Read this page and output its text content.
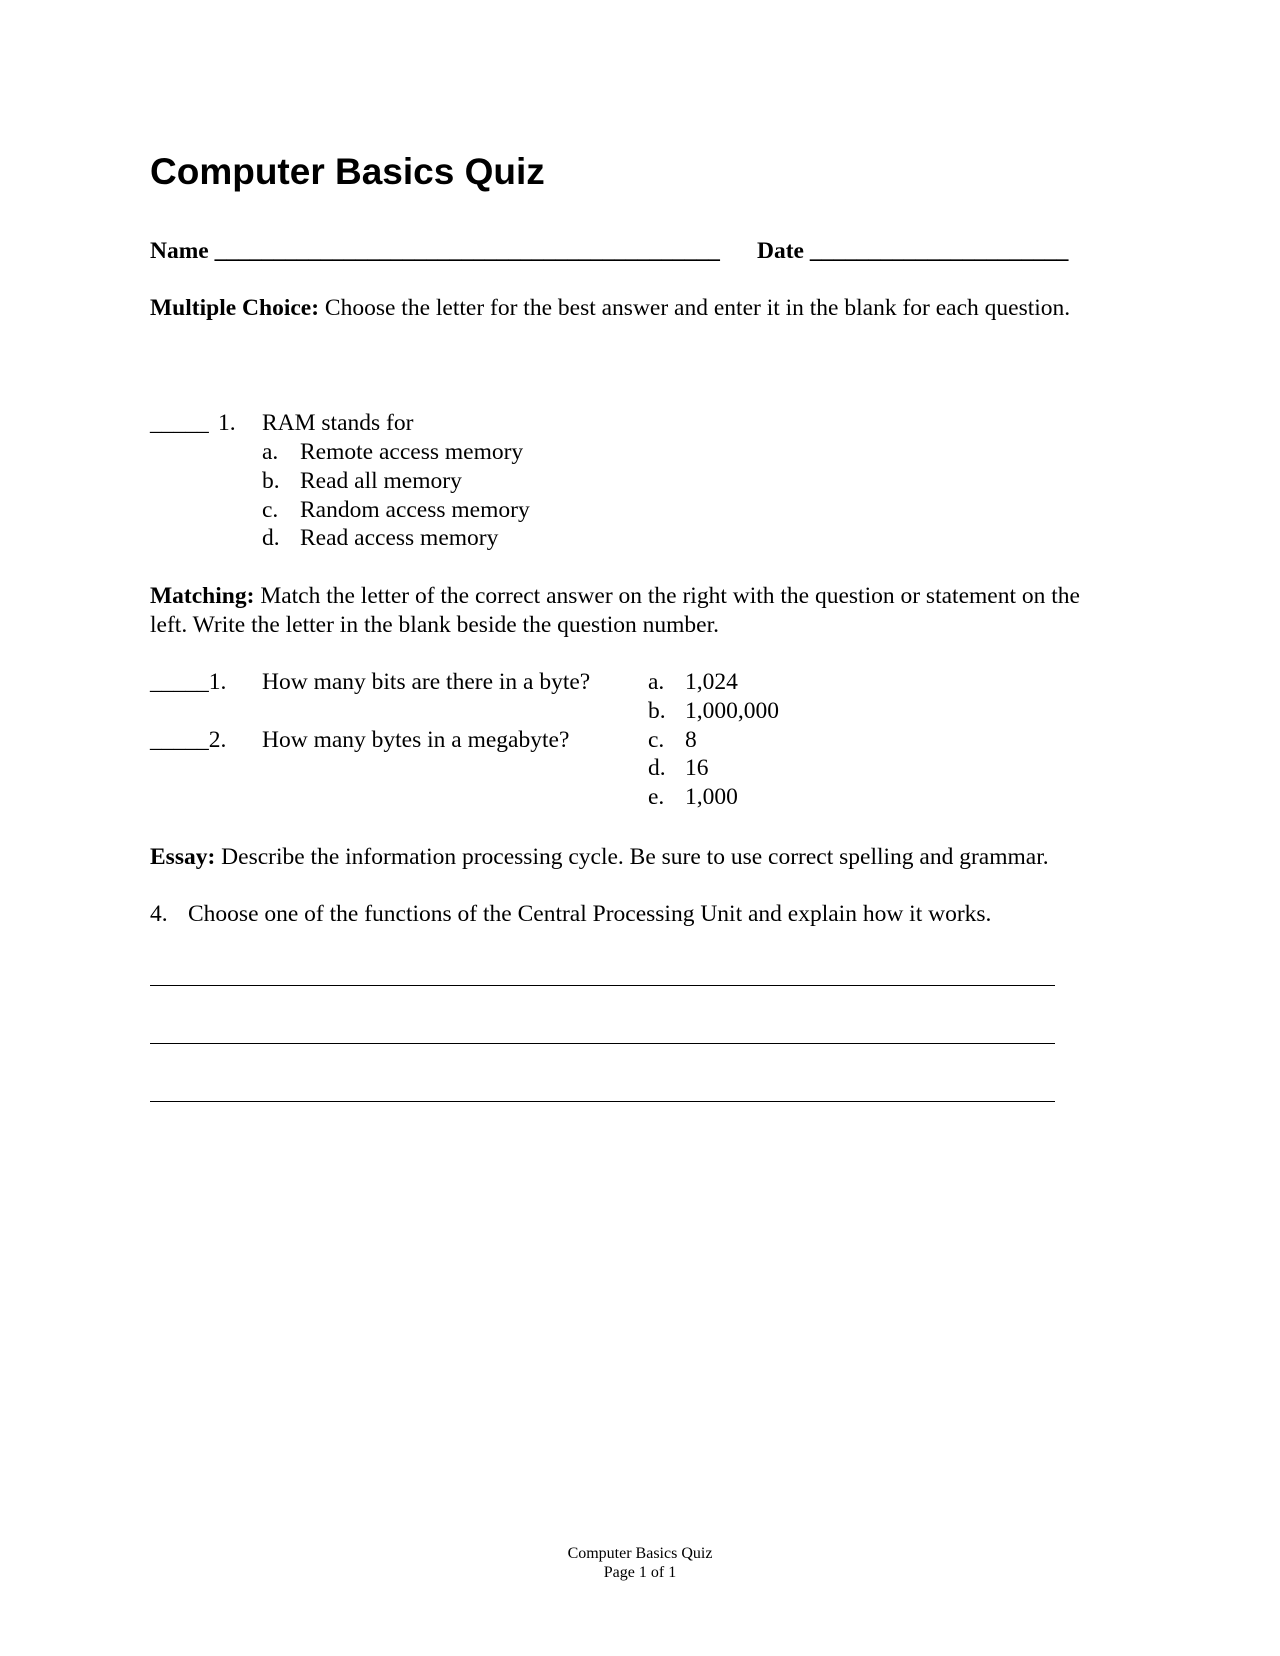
Computer Basics Quiz
Name ___________________________________________ Date ______________________
Multiple Choice: Choose the letter for the best answer and enter it in the blank for each question.
_____ 1. RAM stands for
a. Remote access memory
b. Read all memory
c. Random access memory
d. Read access memory
Matching: Match the letter of the correct answer on the right with the question or statement on the left. Write the letter in the blank beside the question number.
_____1. How many bits are there in a byte?
_____2. How many bytes in a megabyte?
a. 1,024
b. 1,000,000
c. 8
d. 16
e. 1,000
Essay: Describe the information processing cycle. Be sure to use correct spelling and grammar.
4. Choose one of the functions of the Central Processing Unit and explain how it works.
Computer Basics Quiz
Page 1 of 1
